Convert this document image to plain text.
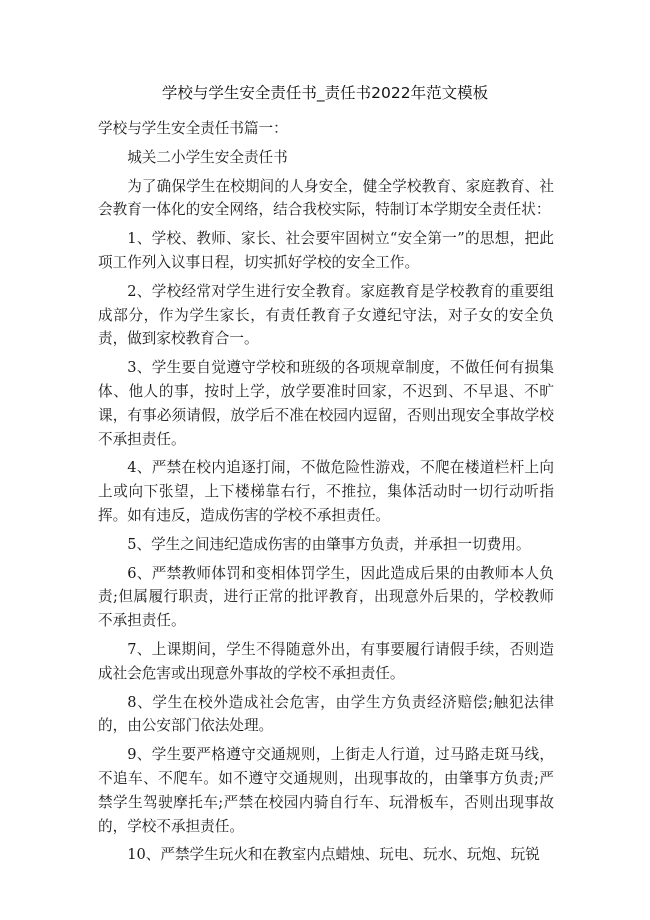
学校与学生安全责任书_责任书2022年范文模板

学校与学生安全责任书篇一：

城关二小学生安全责任书

为了确保学生在校期间的人身安全，健全学校教育、家庭教育、社会教育一体化的安全网络，结合我校实际，特制订本学期安全责任状：

1、学校、教师、家长、社会要牢固树立“安全第一”的思想，把此项工作列入议事日程，切实抓好学校的安全工作。

2、学校经常对学生进行安全教育。家庭教育是学校教育的重要组成部分，作为学生家长，有责任教育子女遵纪守法，对子女的安全负责，做到家校教育合一。

3、学生要自觉遵守学校和班级的各项规章制度，不做任何有损集体、他人的事，按时上学，放学要准时回家，不迟到、不早退、不旷课，有事必须请假，放学后不准在校园内逗留，否则出现安全事故学校不承担责任。

4、严禁在校内追逐打闹，不做危险性游戏，不爬在楼道栏杆上向上或向下张望，上下楼梯靠右行，不推拉，集体活动时一切行动听指挥。如有违反，造成伤害的学校不承担责任。

5、学生之间违纪造成伤害的由肇事方负责，并承担一切费用。

6、严禁教师体罚和变相体罚学生，因此造成后果的由教师本人负责;但属履行职责，进行正常的批评教育，出现意外后果的，学校教师不承担责任。

7、上课期间，学生不得随意外出，有事要履行请假手续，否则造成社会危害或出现意外事故的学校不承担责任。

8、学生在校外造成社会危害，由学生方负责经济赔偿;触犯法律的，由公安部门依法处理。

9、学生要严格遵守交通规则，上街走人行道，过马路走斑马线，不追车、不爬车。如不遵守交通规则，出现事故的，由肇事方负责;严禁学生驾驶摩托车;严禁在校园内骑自行车、玩滑板车，否则出现事故的，学校不承担责任。

10、严禁学生玩火和在教室内点蜡烛、玩电、玩水、玩炮、玩锐
